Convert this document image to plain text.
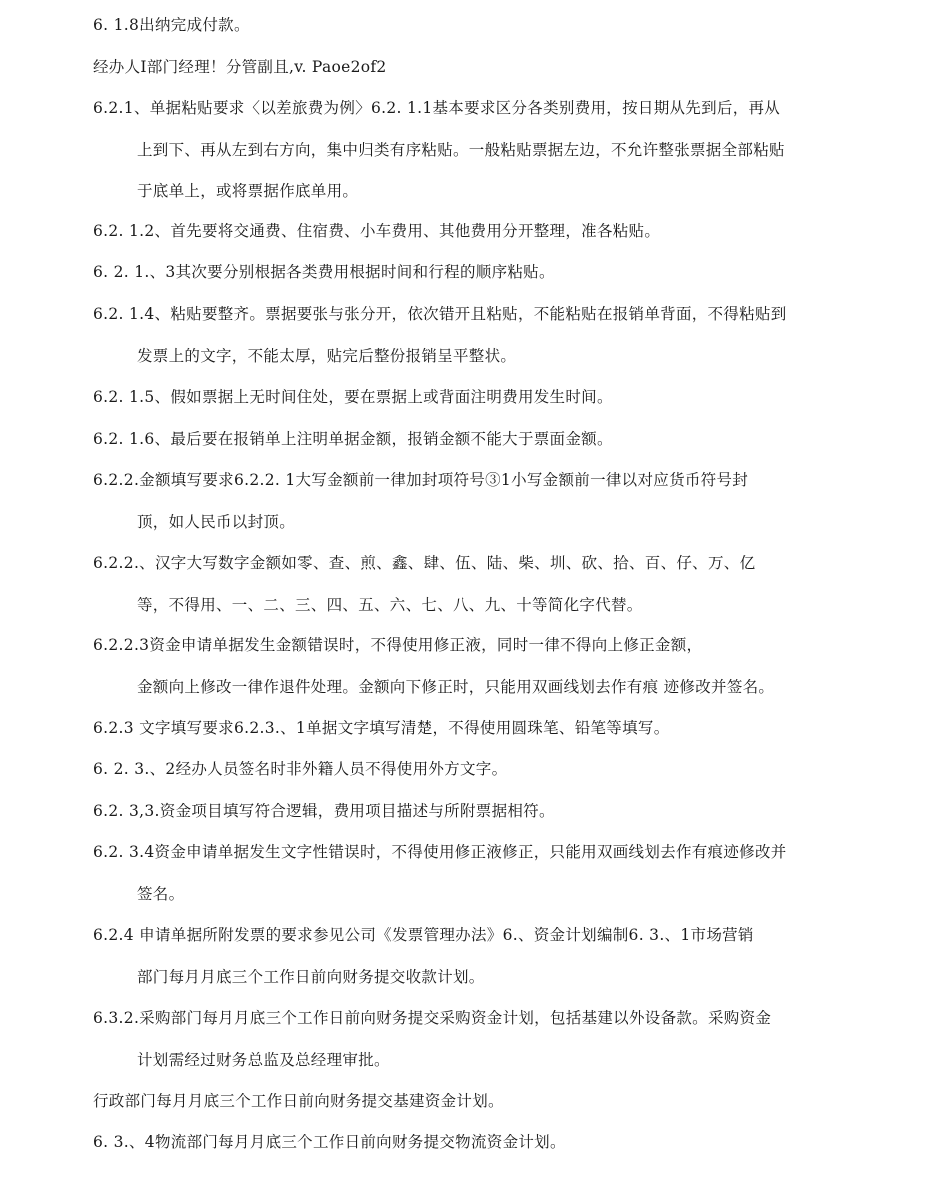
6. 1.8出纳完成付款。
经办人I部门经理！分管副且,v. Paoe2of2
6.2.1、单据粘贴要求〈以差旅费为例〉6.2. 1.1基本要求区分各类别费用，按日期从先到后，再从
上到下、再从左到右方向，集中归类有序粘贴。一般粘贴票据左边，不允许整张票据全部粘贴
于底单上，或将票据作底单用。
6.2. 1.2、首先要将交通费、住宿费、小车费用、其他费用分开整理，准各粘贴。
6. 2. 1.、3其次要分别根据各类费用根据时间和行程的顺序粘贴。
6.2. 1.4、粘贴要整齐。票据要张与张分开，依次错开且粘贴，不能粘贴在报销单背面，不得粘贴到
发票上的文字，不能太厚，贴完后整份报销呈平整状。
6.2. 1.5、假如票据上无时间住处，要在票据上或背面注明费用发生时间。
6.2. 1.6、最后要在报销单上注明单据金额，报销金额不能大于票面金额。
6.2.2.金额填写要求6.2.2. 1大写金额前一律加封项符号③1小写金额前一律以对应货币符号封
顶，如人民币以封顶。
6.2.2.、汉字大写数字金额如零、查、煎、鑫、肆、伍、陆、柴、圳、砍、拾、百、仔、万、亿
等，不得用、一、二、三、四、五、六、七、八、九、十等简化字代替。
6.2.2.3资金申请单据发生金额错误时，不得使用修正液，同时一律不得向上修正金额，
金额向上修改一律作退件处理。金额向下修正时，只能用双画线划去作有痕 迹修改并签名。
6.2.3 文字填写要求6.2.3.、1单据文字填写清楚，不得使用圆珠笔、铅笔等填写。
6. 2. 3.、2经办人员签名时非外籍人员不得使用外方文字。
6.2. 3,3.资金项目填写符合逻辑，费用项目描述与所附票据相符。
6.2. 3.4资金申请单据发生文字性错误时，不得使用修正液修正，只能用双画线划去作有痕迹修改并
签名。
6.2.4 申请单据所附发票的要求参见公司《发票管理办法》6.、资金计划编制6. 3.、1市场营销
部门每月月底三个工作日前向财务提交收款计划。
6.3.2.采购部门每月月底三个工作日前向财务提交采购资金计划，包括基建以外设备款。采购资金
计划需经过财务总监及总经理审批。
行政部门每月月底三个工作日前向财务提交基建资金计划。
6. 3.、4物流部门每月月底三个工作日前向财务提交物流资金计划。
